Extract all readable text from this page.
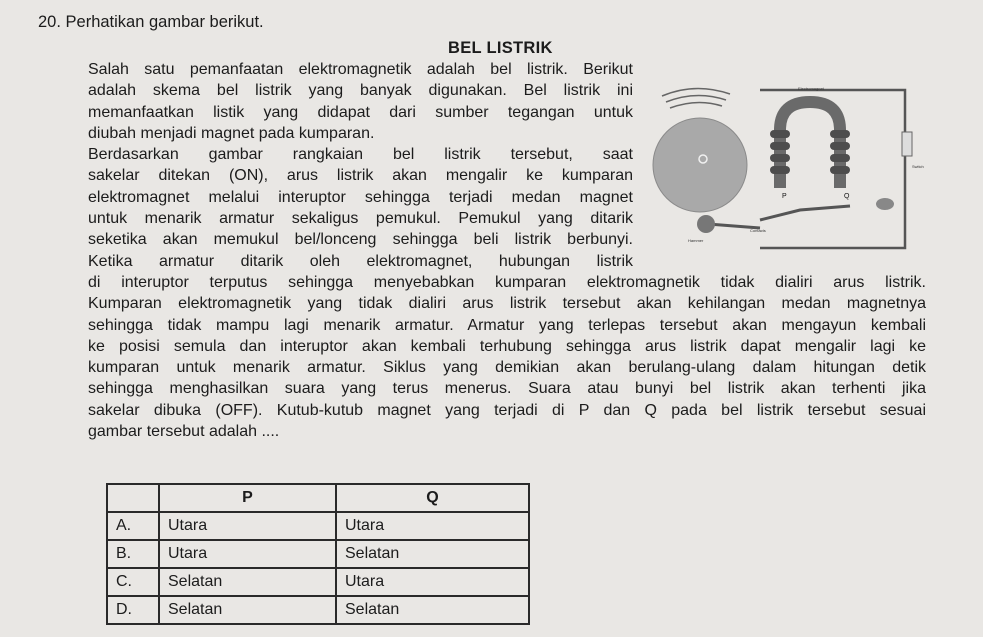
20. Perhatikan gambar berikut.
BEL LISTRIK
Salah satu pemanfaatan elektromagnetik adalah bel listrik. Berikut
adalah skema bel listrik yang banyak digunakan. Bel listrik ini
memanfaatkan listik yang didapat dari sumber tegangan untuk
diubah menjadi magnet pada kumparan.
Berdasarkan gambar rangkaian bel listrik tersebut, saat
sakelar ditekan (ON), arus listrik akan mengalir ke kumparan
elektromagnet melalui interuptor sehingga terjadi medan magnet
untuk menarik armatur sekaligus pemukul. Pemukul yang ditarik
seketika akan memukul bel/lonceng sehingga beli listrik berbunyi.
Ketika armatur ditarik oleh elektromagnet, hubungan listrik
di interuptor terputus sehingga menyebabkan kumparan elektromagnetik tidak dialiri arus listrik.
Kumparan elektromagnetik yang tidak dialiri arus listrik tersebut akan kehilangan medan magnetnya
sehingga tidak mampu lagi menarik armatur. Armatur yang terlepas tersebut akan mengayun kembali
ke posisi semula dan interuptor akan kembali terhubung sehingga arus listrik dapat mengalir lagi ke
kumparan untuk menarik armatur. Siklus yang demikian akan berulang-ulang dalam hitungan detik
sehingga menghasilkan suara yang terus menerus. Suara atau bunyi bel listrik akan terhenti jika
sakelar dibuka (OFF). Kutub-kutub magnet yang terjadi di P dan Q pada bel listrik tersebut sesuai
gambar tersebut adalah ....
Hammer
Switch
Electromagnet
P	Q
Contacts
	P	Q
A.	Utara	Utara
B.	Utara	Selatan
C.	Selatan	Utara
D.	Selatan	Selatan
